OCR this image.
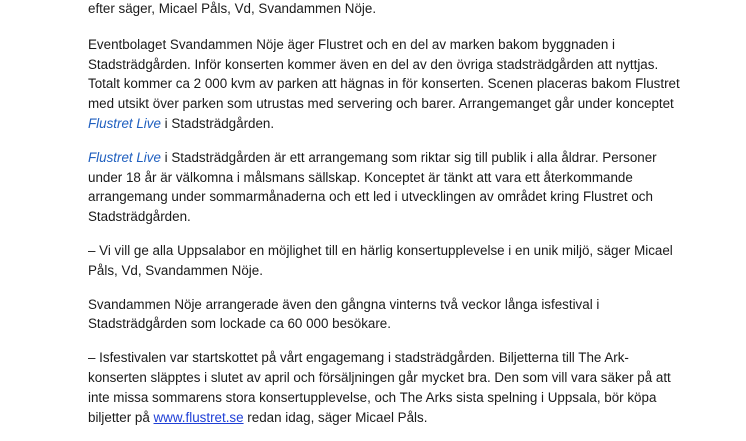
efter säger, Micael Påls, Vd, Svandammen Nöje.
Eventbolaget Svandammen Nöje äger Flustret och en del av marken bakom byggnaden i
Stadsträdgården. Inför konserten kommer även en del av den övriga stadsträdgården att nyttjas.
Totalt kommer ca 2 000 kvm av parken att hägnas in för konserten. Scenen placeras bakom Flustret
med utsikt över parken som utrustas med servering och barer. Arrangemanget går under konceptet
Flustret Live i Stadsträdgården.
Flustret Live i Stadsträdgården är ett arrangemang som riktar sig till publik i alla åldrar. Personer
under 18 år är välkomna i målsmans sällskap. Konceptet är tänkt att vara ett återkommande
arrangemang under sommarmånaderna och ett led i utvecklingen av området kring Flustret och
Stadsträdgården.
– Vi vill ge alla Uppsalabor en möjlighet till en härlig konsertupplevelse i en unik miljö, säger Micael
Påls, Vd, Svandammen Nöje.
Svandammen Nöje arrangerade även den gångna vinterns två veckor långa isfestival i
Stadsträdgården som lockade ca 60 000 besökare.
– Isfestivalen var startskottet på vårt engagemang i stadsträdgården. Biljetterna till The Ark-
konserten släpptes i slutet av april och försäljningen går mycket bra. Den som vill vara säker på att
inte missa sommarens stora konsertupplevelse, och The Arks sista spelning i Uppsala, bör köpa
biljetter på www.flustret.se redan idag, säger Micael Påls.
